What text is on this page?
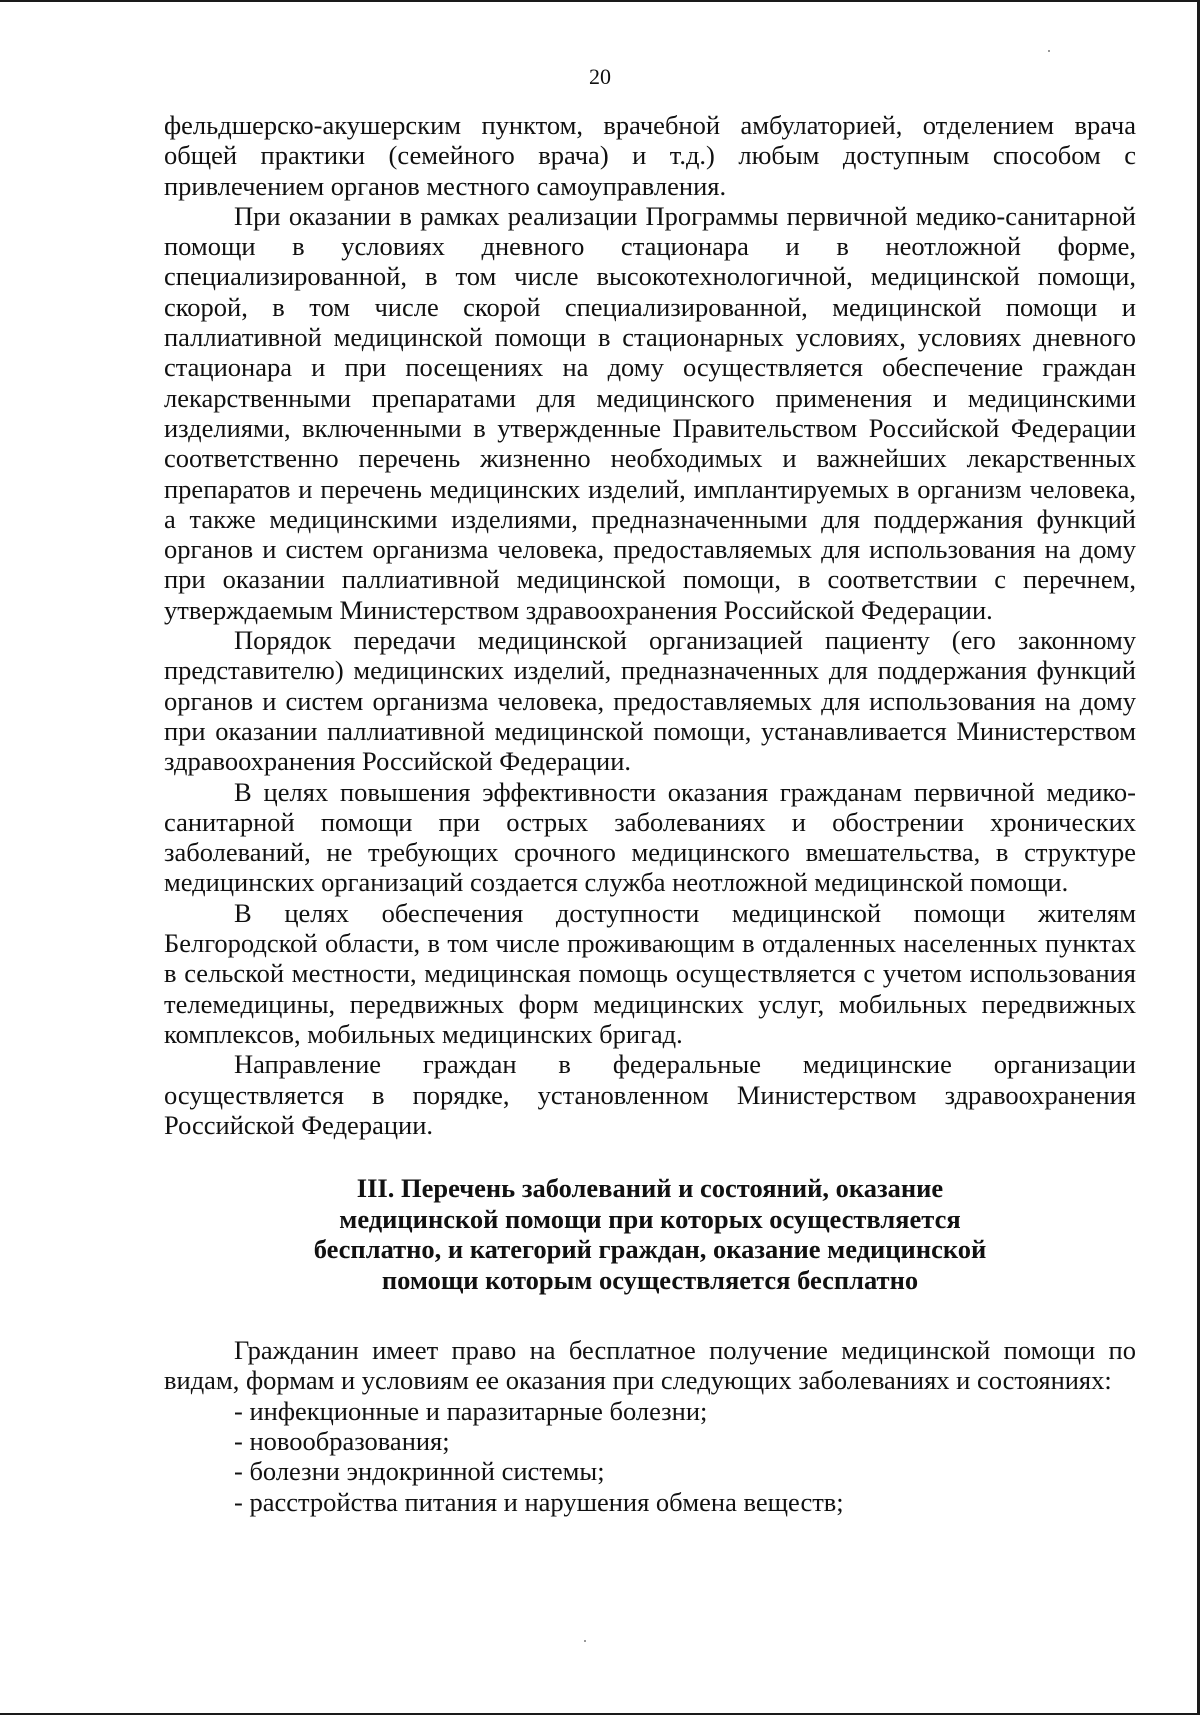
20

фельдшерско-акушерским пунктом, врачебной амбулаторией, отделением врача общей практики (семейного врача) и т.д.) любым доступным способом с привлечением органов местного самоуправления.

При оказании в рамках реализации Программы первичной медико-санитарной помощи в условиях дневного стационара и в неотложной форме, специализированной, в том числе высокотехнологичной, медицинской помощи, скорой, в том числе скорой специализированной, медицинской помощи и паллиативной медицинской помощи в стационарных условиях, условиях дневного стационара и при посещениях на дому осуществляется обеспечение граждан лекарственными препаратами для медицинского применения и медицинскими изделиями, включенными в утвержденные Правительством Российской Федерации соответственно перечень жизненно необходимых и важнейших лекарственных препаратов и перечень медицинских изделий, имплантируемых в организм человека, а также медицинскими изделиями, предназначенными для поддержания функций органов и систем организма человека, предоставляемых для использования на дому при оказании паллиативной медицинской помощи, в соответствии с перечнем, утверждаемым Министерством здравоохранения Российской Федерации.

Порядок передачи медицинской организацией пациенту (его законному представителю) медицинских изделий, предназначенных для поддержания функций органов и систем организма человека, предоставляемых для использования на дому при оказании паллиативной медицинской помощи, устанавливается Министерством здравоохранения Российской Федерации.

В целях повышения эффективности оказания гражданам первичной медико-санитарной помощи при острых заболеваниях и обострении хронических заболеваний, не требующих срочного медицинского вмешательства, в структуре медицинских организаций создается служба неотложной медицинской помощи.

В целях обеспечения доступности медицинской помощи жителям Белгородской области, в том числе проживающим в отдаленных населенных пунктах в сельской местности, медицинская помощь осуществляется с учетом использования телемедицины, передвижных форм медицинских услуг, мобильных передвижных комплексов, мобильных медицинских бригад.

Направление граждан в федеральные медицинские организации осуществляется в порядке, установленном Министерством здравоохранения Российской Федерации.

III. Перечень заболеваний и состояний, оказание
медицинской помощи при которых осуществляется
бесплатно, и категорий граждан, оказание медицинской
помощи которым осуществляется бесплатно

Гражданин имеет право на бесплатное получение медицинской помощи по видам, формам и условиям ее оказания при следующих заболеваниях и состояниях:

- инфекционные и паразитарные болезни;

- новообразования;

- болезни эндокринной системы;

- расстройства питания и нарушения обмена веществ;
